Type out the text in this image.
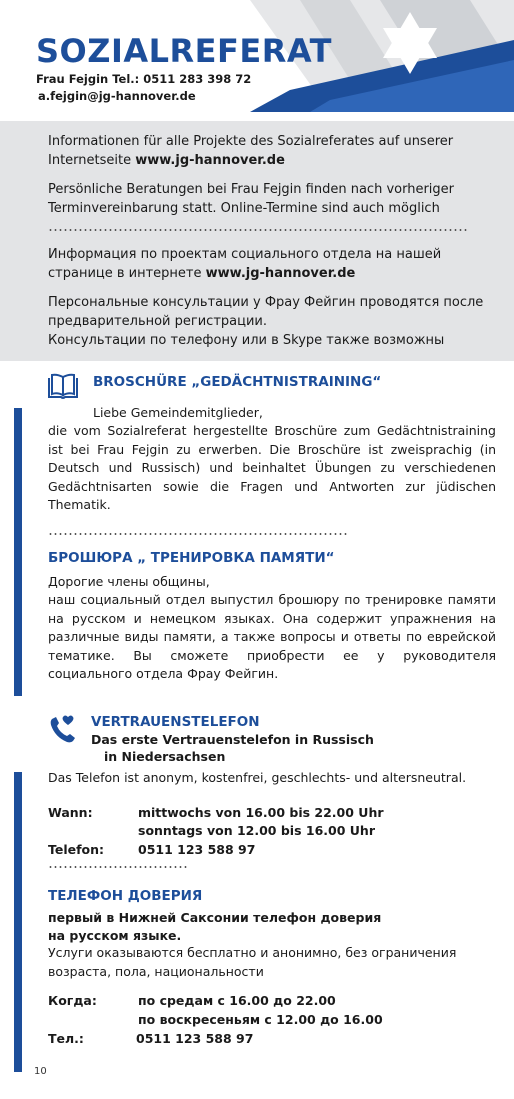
SOZIALREFERAT
Frau Fejgin Tel.: 0511 283 398 72
a.fejgin@jg-hannover.de

Informationen für alle Projekte des Sozialreferates auf unserer Internetseite www.jg-hannover.de

Persönliche Beratungen bei Frau Fejgin finden nach vorheriger Terminvereinbarung statt. Online-Termine sind auch möglich

Информация по проектам социального отдела на нашей странице в интернете www.jg-hannover.de

Персональные консультации у Фрау Фейгин проводятся после предварительной регистрации.

Консультации по телефону или в Skype также возможны

BROSCHÜRE „GEDÄCHTNISTRAINING“
Liebe Gemeindemitglieder,

die vom Sozialreferat hergestellte Broschüre zum Gedächtnistraining ist bei Frau Fejgin zu erwerben. Die Broschüre ist zweisprachig (in Deutsch und Russisch) und beinhaltet Übungen zu verschiedenen Gedächtnisarten sowie die Fragen und Antworten zur jüdischen Thematik.

БРОШЮРА „ ТРЕНИРОВКА ПАМЯТИ“
Дорогие члены общины,

наш социальный отдел выпустил брошюру по тренировке памяти на русском и немецком языках. Она содержит упражнения на различные виды памяти, а также вопросы и ответы по еврейской тематике. Вы сможете приобрести ее у руководителя социального отдела Фрау Фейгин.

VERTRAUENSTELEFON
Das erste Vertrauenstelefon in Russisch
in Niedersachsen
Das Telefon ist anonym, kostenfrei, geschlechts- und altersneutral.
Wann:	mittwochs von 16.00 bis 22.00 Uhr
sonntags von 12.00 bis 16.00 Uhr
Telefon:	0511 123 588 97
ТЕЛЕФОН ДОВЕРИЯ
первый в Нижней Саксонии телефон доверия
на русском языке.

Услуги оказываются бесплатно и анонимно, без ограничения возраста, пола, национальности

Когда:	по средам с 16.00 до 22.00
по воскресеньям с 12.00 до 16.00
Тел.:	0511 123 588 97
10
